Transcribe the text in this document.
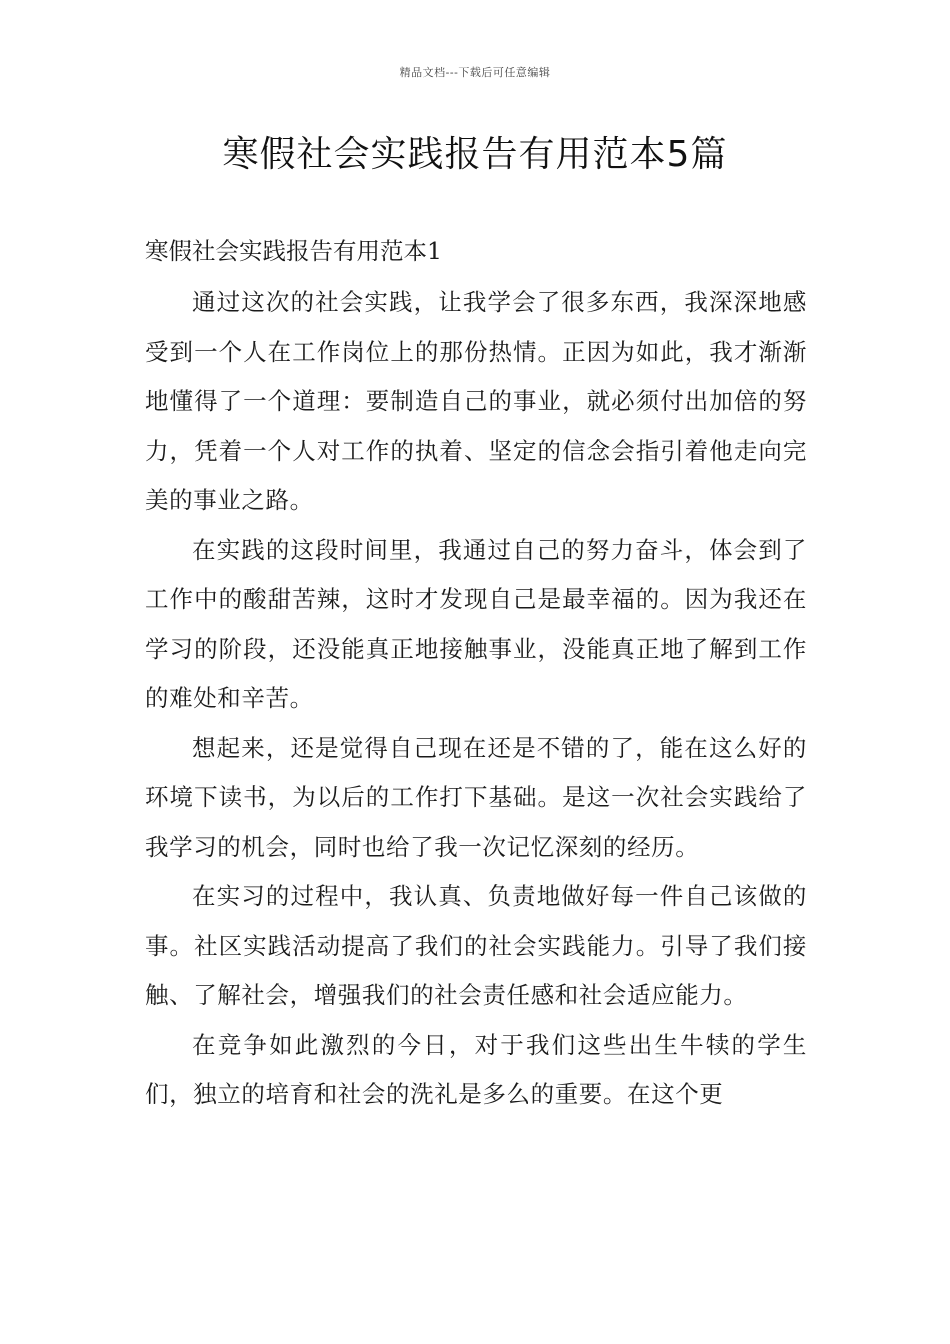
精品文档---下载后可任意编辑
寒假社会实践报告有用范本5篇
寒假社会实践报告有用范本1

通过这次的社会实践，让我学会了很多东西，我深深地感受到一个人在工作岗位上的那份热情。正因为如此，我才渐渐地懂得了一个道理：要制造自己的事业，就必须付出加倍的努力，凭着一个人对工作的执着、坚定的信念会指引着他走向完美的事业之路。

在实践的这段时间里，我通过自己的努力奋斗，体会到了工作中的酸甜苦辣，这时才发现自己是最幸福的。因为我还在学习的阶段，还没能真正地接触事业，没能真正地了解到工作的难处和辛苦。

想起来，还是觉得自己现在还是不错的了，能在这么好的环境下读书，为以后的工作打下基础。是这一次社会实践给了我学习的机会，同时也给了我一次记忆深刻的经历。

在实习的过程中，我认真、负责地做好每一件自己该做的事。社区实践活动提高了我们的社会实践能力。引导了我们接触、了解社会，增强我们的社会责任感和社会适应能力。

在竞争如此激烈的今日，对于我们这些出生牛犊的学生们，独立的培育和社会的洗礼是多么的重要。在这个更
